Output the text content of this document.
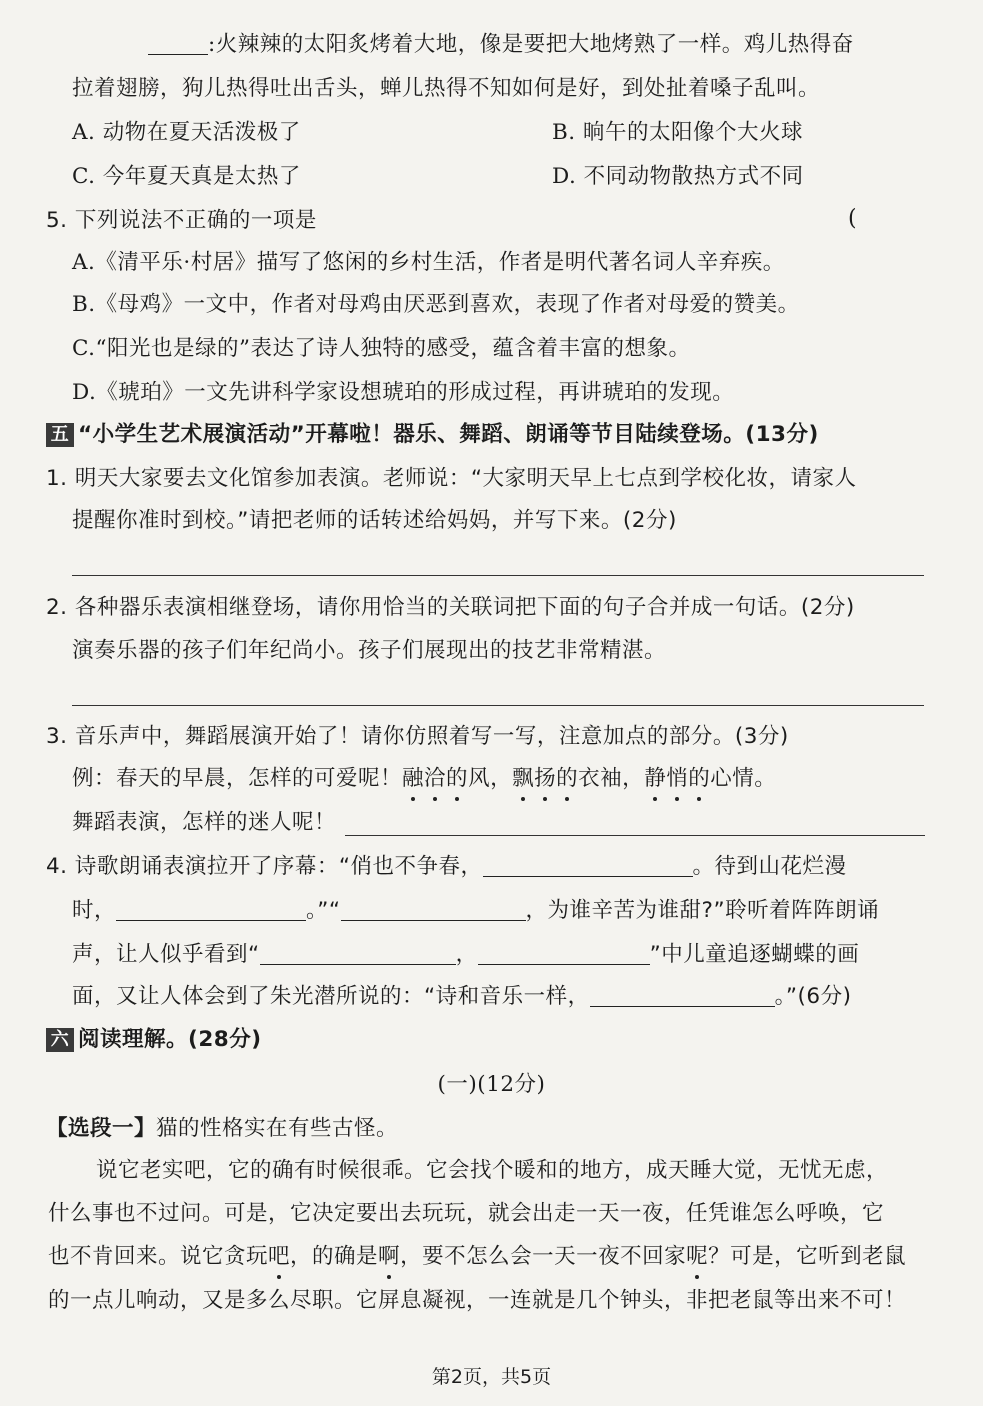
:火辣辣的太阳炙烤着大地，像是要把大地烤熟了一样。鸡儿热得奋
拉着翅膀，狗儿热得吐出舌头，蝉儿热得不知如何是好，到处扯着嗓子乱叫。
A. 动物在夏天活泼极了	B. 晌午的太阳像个大火球
C. 今年夏天真是太热了	D. 不同动物散热方式不同
5. 下列说法不正确的一项是	(
A.《清平乐·村居》描写了悠闲的乡村生活，作者是明代著名词人辛弃疾。
B.《母鸡》一文中，作者对母鸡由厌恶到喜欢，表现了作者对母爱的赞美。
C.“阳光也是绿的”表达了诗人独特的感受，蕴含着丰富的想象。
D.《琥珀》一文先讲科学家设想琥珀的形成过程，再讲琥珀的发现。
五 “小学生艺术展演活动”开幕啦！器乐、舞蹈、朗诵等节目陆续登场。(13分)
1. 明天大家要去文化馆参加表演。老师说：“大家明天早上七点到学校化妆，请家人
提醒你准时到校。”请把老师的话转述给妈妈，并写下来。(2分)
2. 各种器乐表演相继登场，请你用恰当的关联词把下面的句子合并成一句话。(2分)
演奏乐器的孩子们年纪尚小。孩子们展现出的技艺非常精湛。
3. 音乐声中，舞蹈展演开始了！请你仿照着写一写，注意加点的部分。(3分)
例：春天的早晨，怎样的可爱呢！融洽的风，飘扬的衣袖，静悄的心情。
舞蹈表演，怎样的迷人呢！
4. 诗歌朗诵表演拉开了序幕：“俏也不争春，	。待到山花烂漫
时，	。”“	，为谁辛苦为谁甜?”聆听着阵阵朗诵
声，让人似乎看到“	，	”中儿童追逐蝴蝶的画
面，又让人体会到了朱光潜所说的：“诗和音乐一样，	。”(6分)
六 阅读理解。(28分)
(一)(12分)
【选段一】猫的性格实在有些古怪。
说它老实吧，它的确有时候很乖。它会找个暖和的地方，成天睡大觉，无忧无虑，
什么事也不过问。可是，它决定要出去玩玩，就会出走一天一夜，任凭谁怎么呼唤，它
也不肯回来。说它贪玩吧，的确是啊，要不怎么会一天一夜不回家呢？可是，它听到老鼠
的一点儿响动，又是多么尽职。它屏息凝视，一连就是几个钟头，非把老鼠等出来不可！
第2页，共5页
